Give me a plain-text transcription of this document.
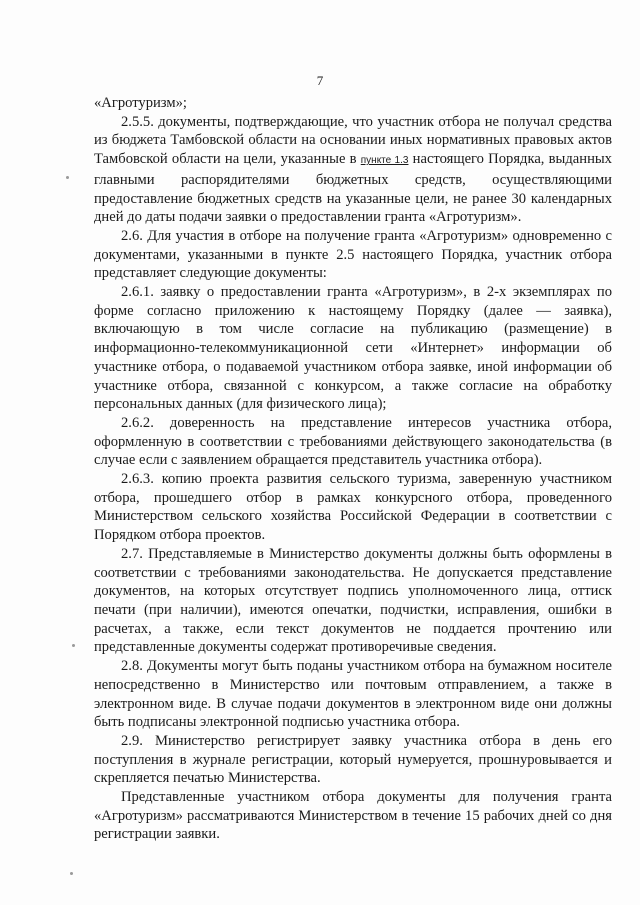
7

«Агротуризм»;

2.5.5. документы, подтверждающие, что участник отбора не получал средства из бюджета Тамбовской области на основании иных нормативных правовых актов Тамбовской области на цели, указанные в пункте 1.3 настоящего Порядка, выданных главными распорядителями бюджетных средств, осуществляющими предоставление бюджетных средств на указанные цели, не ранее 30 календарных дней до даты подачи заявки о предоставлении гранта «Агротуризм».

2.6. Для участия в отборе на получение гранта «Агротуризм» одновременно с документами, указанными в пункте 2.5 настоящего Порядка, участник отбора представляет следующие документы:

2.6.1. заявку о предоставлении гранта «Агротуризм», в 2-х экземплярах по форме согласно приложению к настоящему Порядку (далее — заявка), включающую в том числе согласие на публикацию (размещение) в информационно-телекоммуникационной сети «Интернет» информации об участнике отбора, о подаваемой участником отбора заявке, иной информации об участнике отбора, связанной с конкурсом, а также согласие на обработку персональных данных (для физического лица);

2.6.2. доверенность на представление интересов участника отбора, оформленную в соответствии с требованиями действующего законодательства (в случае если с заявлением обращается представитель участника отбора).

2.6.3. копию проекта развития сельского туризма, заверенную участником отбора, прошедшего отбор в рамках конкурсного отбора, проведенного Министерством сельского хозяйства Российской Федерации в соответствии с Порядком отбора проектов.

2.7. Представляемые в Министерство документы должны быть оформлены в соответствии с требованиями законодательства. Не допускается представление документов, на которых отсутствует подпись уполномоченного лица, оттиск печати (при наличии), имеются опечатки, подчистки, исправления, ошибки в расчетах, а также, если текст документов не поддается прочтению или представленные документы содержат противоречивые сведения.

2.8. Документы могут быть поданы участником отбора на бумажном носителе непосредственно в Министерство или почтовым отправлением, а также в электронном виде. В случае подачи документов в электронном виде они должны быть подписаны электронной подписью участника отбора.

2.9. Министерство регистрирует заявку участника отбора в день его поступления в журнале регистрации, который нумеруется, прошнуровывается и скрепляется печатью Министерства.

Представленные участником отбора документы для получения гранта «Агротуризм» рассматриваются Министерством в течение 15 рабочих дней со дня регистрации заявки.
